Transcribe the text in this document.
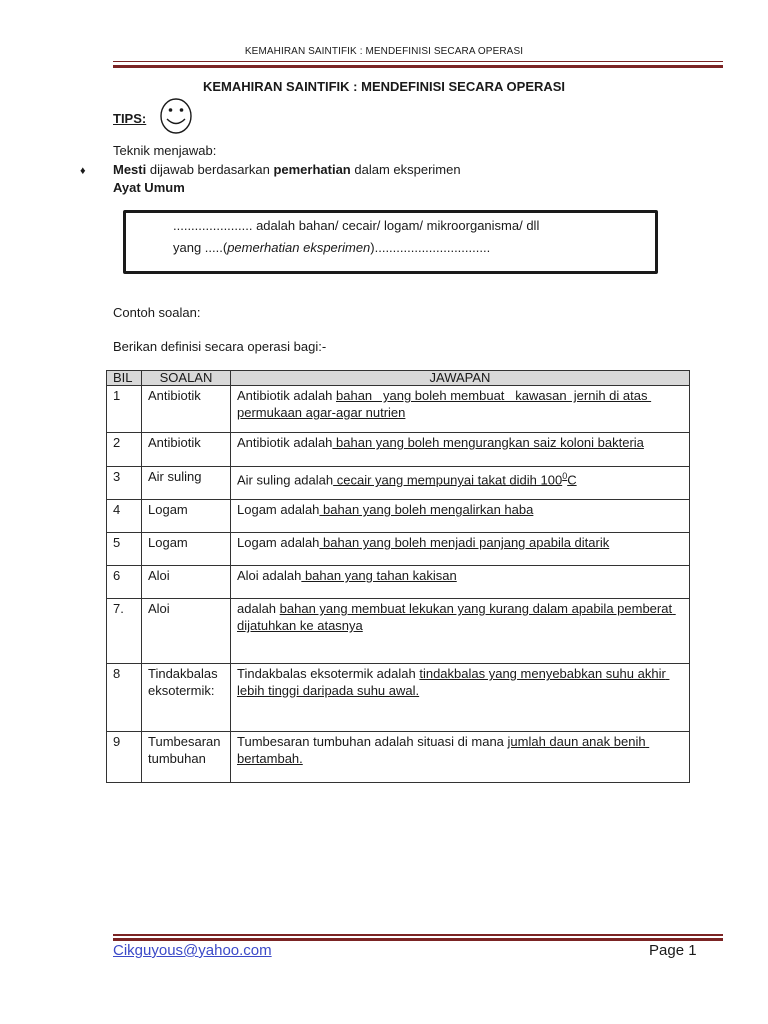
KEMAHIRAN SAINTIFIK : MENDEFINISI SECARA OPERASI
KEMAHIRAN SAINTIFIK : MENDEFINISI SECARA OPERASI
TIPS:
Teknik menjawab:
♦ Mesti dijawab berdasarkan pemerhatian dalam eksperimen
Ayat Umum
...................... adalah bahan/ cecair/ logam/ mikroorganisma/ dll
yang .....(pemerhatian eksperimen)................................
Contoh soalan:
Berikan definisi secara operasi bagi:-
BIL	SOALAN	JAWAPAN
1	Antibiotik	Antibiotik adalah bahan   yang boleh membuat   kawasan  jernih di atas permukaan agar-agar nutrien
2	Antibiotik	Antibiotik adalah bahan yang boleh mengurangkan saiz koloni bakteria
3	Air suling	Air suling adalah cecair yang mempunyai takat didih $100^0C$
4	Logam	Logam adalah bahan yang boleh mengalirkan haba
5	Logam	Logam adalah bahan yang boleh menjadi panjang apabila ditarik
6	Aloi	Aloi adalah bahan yang tahan kakisan
7.	Aloi	adalah bahan yang membuat lekukan yang kurang dalam apabila pemberat dijatuhkan ke atasnya
8	Tindakbalas eksotermik:	Tindakbalas eksotermik adalah tindakbalas yang menyebabkan suhu akhir lebih tinggi daripada suhu awal.
9	Tumbesaran tumbuhan	Tumbesaran tumbuhan adalah situasi di mana jumlah daun anak benih bertambah.
Cikguyous@yahoo.com	Page 1
